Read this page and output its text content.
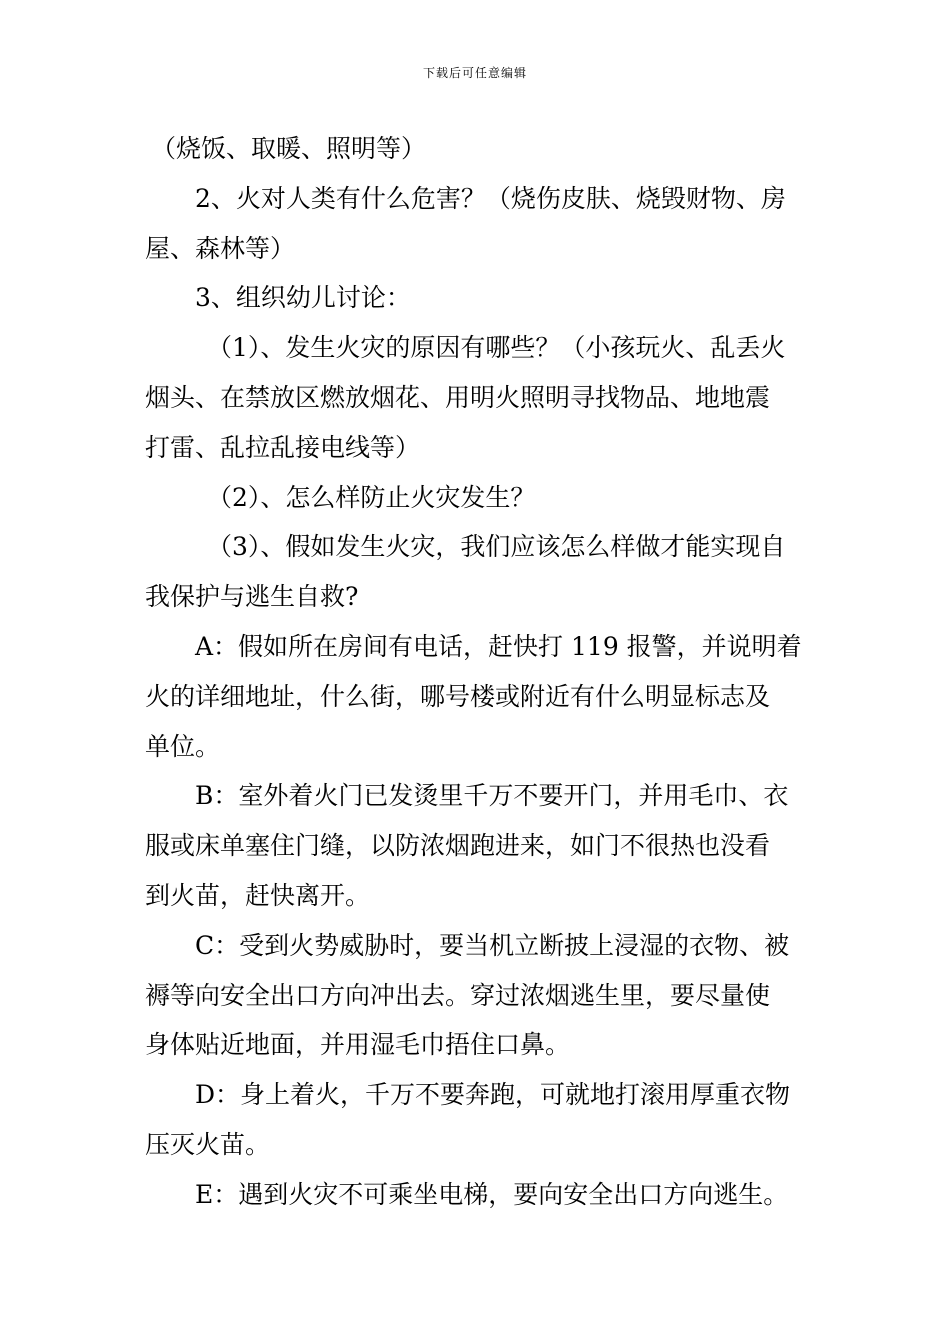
下载后可任意编辑
（烧饭、取暖、照明等）
2、火对人类有什么危害？（烧伤皮肤、烧毁财物、房
屋、森林等）
3、组织幼儿讨论：
（1）、发生火灾的原因有哪些？（小孩玩火、乱丢火
烟头、在禁放区燃放烟花、用明火照明寻找物品、地地震
打雷、乱拉乱接电线等）
（2）、怎么样防止火灾发生？
（3）、假如发生火灾，我们应该怎么样做才能实现自
我保护与逃生自救?
A：假如所在房间有电话，赶快打 119 报警，并说明着
火的详细地址，什么街，哪号楼或附近有什么明显标志及
单位。
B：室外着火门已发烫里千万不要开门，并用毛巾、衣
服或床单塞住门缝，以防浓烟跑进来，如门不很热也没看
到火苗，赶快离开。
C：受到火势威胁时，要当机立断披上浸湿的衣物、被
褥等向安全出口方向冲出去。穿过浓烟逃生里，要尽量使
身体贴近地面，并用湿毛巾捂住口鼻。
D：身上着火，千万不要奔跑，可就地打滚用厚重衣物
压灭火苗。
E：遇到火灾不可乘坐电梯，要向安全出口方向逃生。
